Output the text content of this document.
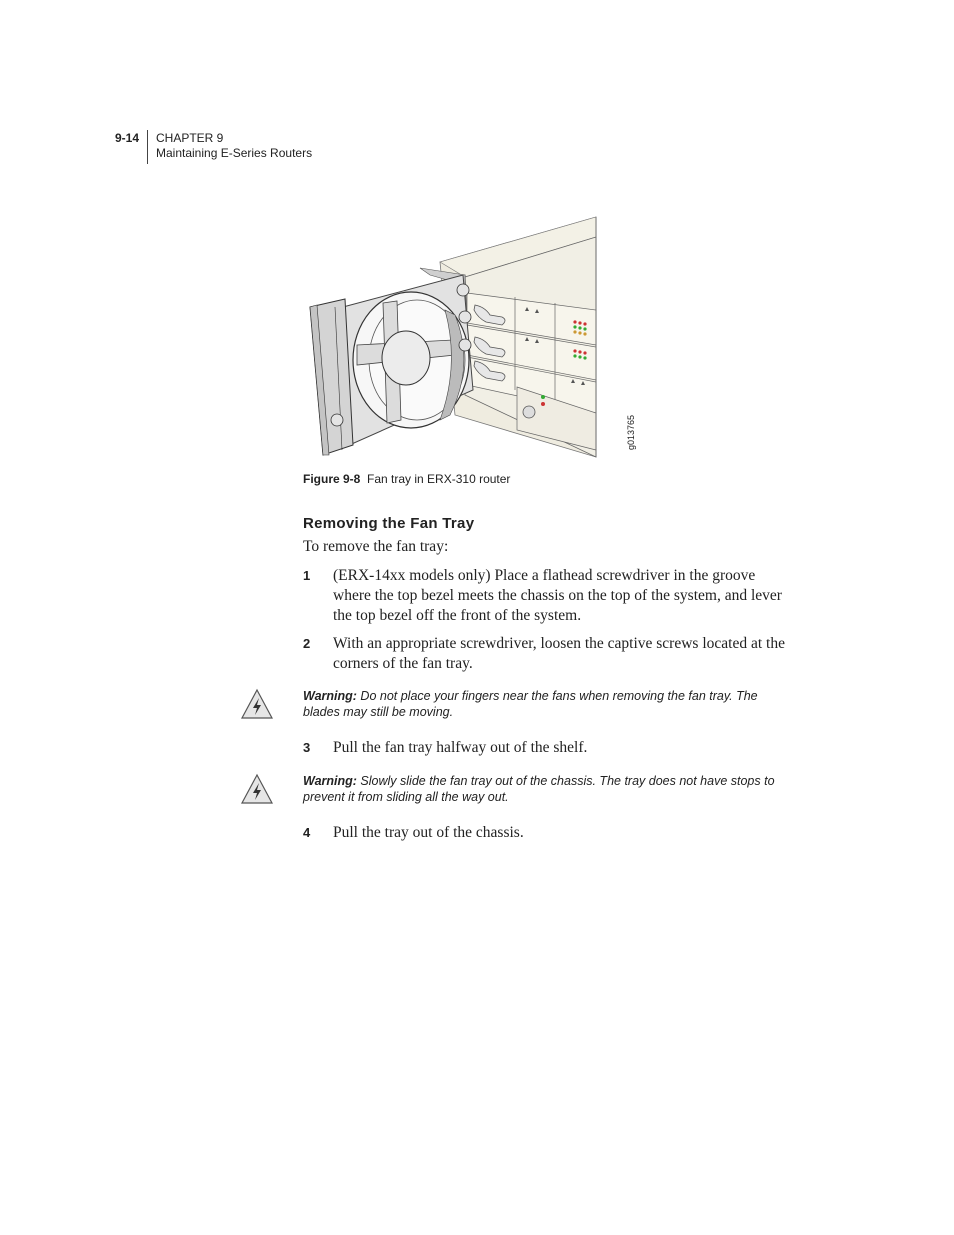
9-14	CHAPTER 9
Maintaining E-Series Routers
g013765
Figure 9-8 Fan tray in ERX-310 router
Removing the Fan Tray
To remove the fan tray:
1 (ERX-14xx models only) Place a flathead screwdriver in the groove where the top bezel meets the chassis on the top of the system, and lever the top bezel off the front of the system.
2 With an appropriate screwdriver, loosen the captive screws located at the corners of the fan tray.
Warning: Do not place your fingers near the fans when removing the fan tray. The blades may still be moving.
3 Pull the fan tray halfway out of the shelf.
Warning: Slowly slide the fan tray out of the chassis. The tray does not have stops to prevent it from sliding all the way out.
4 Pull the tray out of the chassis.
